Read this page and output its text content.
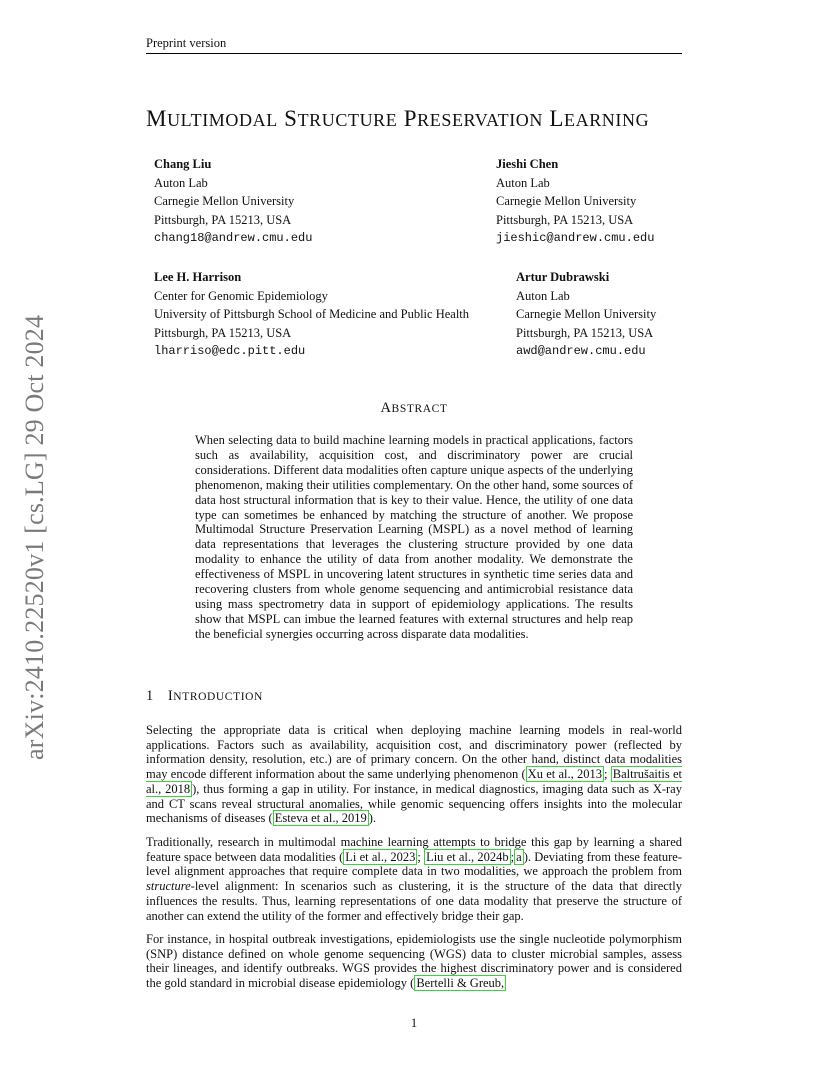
Preprint version
arXiv:2410.22520v1 [cs.LG] 29 Oct 2024
MULTIMODAL STRUCTURE PRESERVATION LEARNING
Chang Liu
Auton Lab
Carnegie Mellon University
Pittsburgh, PA 15213, USA
chang18@andrew.cmu.edu
Jieshi Chen
Auton Lab
Carnegie Mellon University
Pittsburgh, PA 15213, USA
jieshic@andrew.cmu.edu
Lee H. Harrison
Center for Genomic Epidemiology
University of Pittsburgh School of Medicine and Public Health
Pittsburgh, PA 15213, USA
lharriso@edc.pitt.edu
Artur Dubrawski
Auton Lab
Carnegie Mellon University
Pittsburgh, PA 15213, USA
awd@andrew.cmu.edu
ABSTRACT
When selecting data to build machine learning models in practical applications, factors such as availability, acquisition cost, and discriminatory power are crucial considerations. Different data modalities often capture unique aspects of the underlying phenomenon, making their utilities complementary. On the other hand, some sources of data host structural information that is key to their value. Hence, the utility of one data type can sometimes be enhanced by matching the structure of another. We propose Multimodal Structure Preservation Learning (MSPL) as a novel method of learning data representations that leverages the clustering structure provided by one data modality to enhance the utility of data from another modality. We demonstrate the effectiveness of MSPL in uncovering latent structures in synthetic time series data and recovering clusters from whole genome sequencing and antimicrobial resistance data using mass spectrometry data in support of epidemiology applications. The results show that MSPL can imbue the learned features with external structures and help reap the beneficial synergies occurring across disparate data modalities.
1 INTRODUCTION
Selecting the appropriate data is critical when deploying machine learning models in real-world applications. Factors such as availability, acquisition cost, and discriminatory power (reflected by information density, resolution, etc.) are of primary concern. On the other hand, distinct data modalities may encode different information about the same underlying phenomenon ( Xu et al., 2013 ; Baltrušaitis et al., 2018 ), thus forming a gap in utility. For instance, in medical diagnostics, imaging data such as X-ray and CT scans reveal structural anomalies, while genomic sequencing offers insights into the molecular mechanisms of diseases ( Esteva et al., 2019 ).
Traditionally, research in multimodal machine learning attempts to bridge this gap by learning a shared feature space between data modalities ( Li et al., 2023 ; Liu et al., 2024b ; a ). Deviating from these feature-level alignment approaches that require complete data in two modalities, we approach the problem from structure-level alignment: In scenarios such as clustering, it is the structure of the data that directly influences the results. Thus, learning representations of one data modality that preserve the structure of another can extend the utility of the former and effectively bridge their gap.
For instance, in hospital outbreak investigations, epidemiologists use the single nucleotide polymorphism (SNP) distance defined on whole genome sequencing (WGS) data to cluster microbial samples, assess their lineages, and identify outbreaks. WGS provides the highest discriminatory power and is considered the gold standard in microbial disease epidemiology ( Bertelli & Greub,
1
